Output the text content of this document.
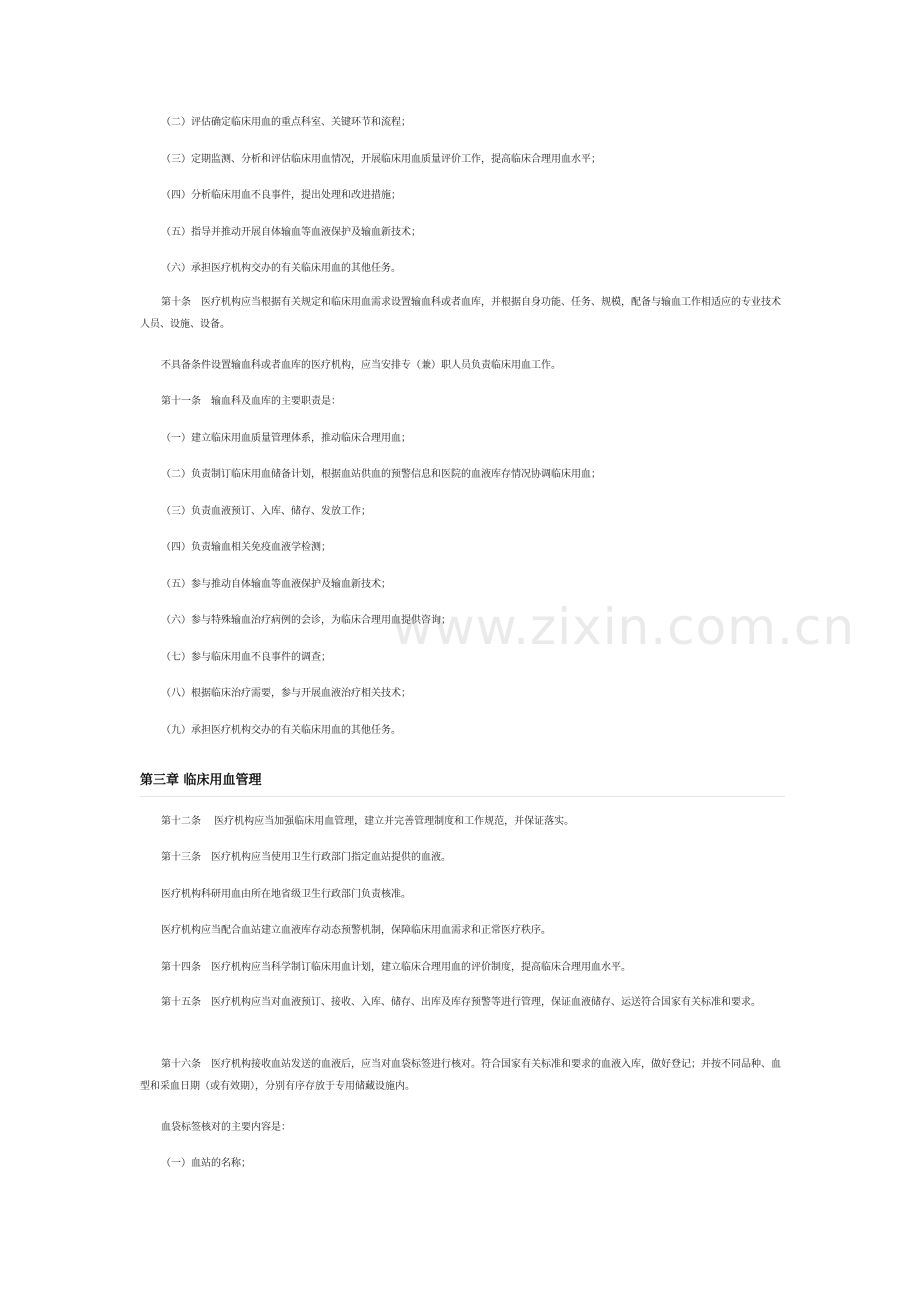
（二）评估确定临床用血的重点科室、关键环节和流程；

（三）定期监测、分析和评估临床用血情况，开展临床用血质量评价工作，提高临床合理用血水平；

（四）分析临床用血不良事件，提出处理和改进措施；

（五）指导并推动开展自体输血等血液保护及输血新技术；

（六）承担医疗机构交办的有关临床用血的其他任务。

第十条　医疗机构应当根据有关规定和临床用血需求设置输血科或者血库，并根据自身功能、任务、规模，配备与输血工作相适应的专业技术人员、设施、设备。

不具备条件设置输血科或者血库的医疗机构，应当安排专（兼）职人员负责临床用血工作。

第十一条　输血科及血库的主要职责是：

（一）建立临床用血质量管理体系，推动临床合理用血；

（二）负责制订临床用血储备计划，根据血站供血的预警信息和医院的血液库存情况协调临床用血；

（三）负责血液预订、入库、储存、发放工作；

（四）负责输血相关免疫血液学检测；

（五）参与推动自体输血等血液保护及输血新技术；

（六）参与特殊输血治疗病例的会诊，为临床合理用血提供咨询；

（七）参与临床用血不良事件的调查；

（八）根据临床治疗需要，参与开展血液治疗相关技术；

（九）承担医疗机构交办的有关临床用血的其他任务。

第三章 临床用血管理

第十二条　 医疗机构应当加强临床用血管理，建立并完善管理制度和工作规范，并保证落实。

第十三条　医疗机构应当使用卫生行政部门指定血站提供的血液。

医疗机构科研用血由所在地省级卫生行政部门负责核准。

医疗机构应当配合血站建立血液库存动态预警机制，保障临床用血需求和正常医疗秩序。

第十四条　医疗机构应当科学制订临床用血计划，建立临床合理用血的评价制度，提高临床合理用血水平。

第十五条　医疗机构应当对血液预订、接收、入库、储存、出库及库存预警等进行管理，保证血液储存、运送符合国家有关标准和要求。

第十六条　医疗机构接收血站发送的血液后，应当对血袋标签进行核对。符合国家有关标准和要求的血液入库，做好登记；并按不同品种、血型和采血日期（或有效期），分别有序存放于专用储藏设施内。

血袋标签核对的主要内容是：

（一）血站的名称；

www.zixin.com.cn
